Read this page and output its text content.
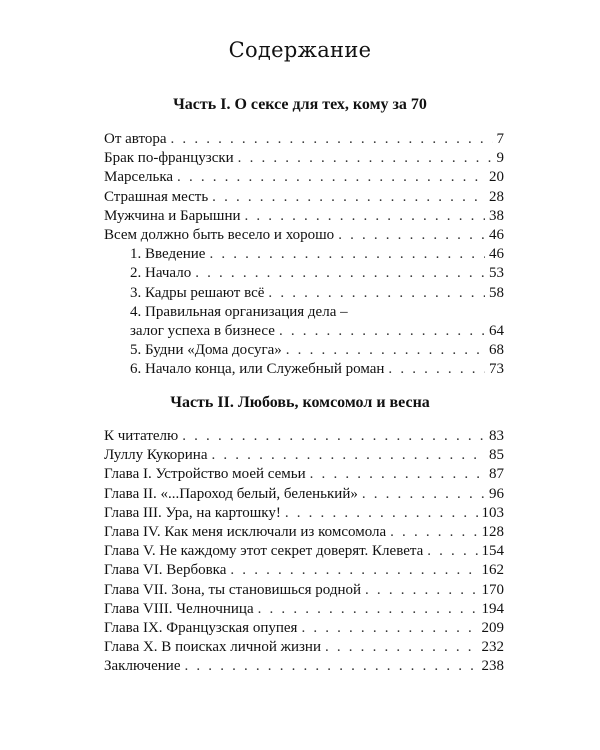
Содержание
Часть I. О сексе для тех, кому за 70
От автора . . .	7
Брак по-французски . . .	9
Марселька . . .	20
Страшная месть . . .	28
Мужчина и Барышни . . .	38
Всем должно быть весело и хорошо . . .	46
1. Введение . . .	46
2. Начало . . .	53
3. Кадры решают всё . . .	58
4. Правильная организация дела –
залог успеха в бизнесе . . .	64
5. Будни «Дома досуга» . . .	68
6. Начало конца, или Служебный роман . . .	73
Часть II. Любовь, комсомол и весна
К читателю . . .	83
Луллу Кукорина . . .	85
Глава I. Устройство моей семьи . . .	87
Глава II. «...Пароход белый, беленький» . . .	96
Глава III. Ура, на картошку! . . .	103
Глава IV. Как меня исключали из комсомола . . .	128
Глава V. Не каждому этот секрет доверят. Клевета . . .	154
Глава VI. Вербовка . . .	162
Глава VII. Зона, ты становишься родной . . .	170
Глава VIII. Челночница . . .	194
Глава IX. Французская опупея . . .	209
Глава X. В поисках личной жизни . . .	232
Заключение . . .	238
